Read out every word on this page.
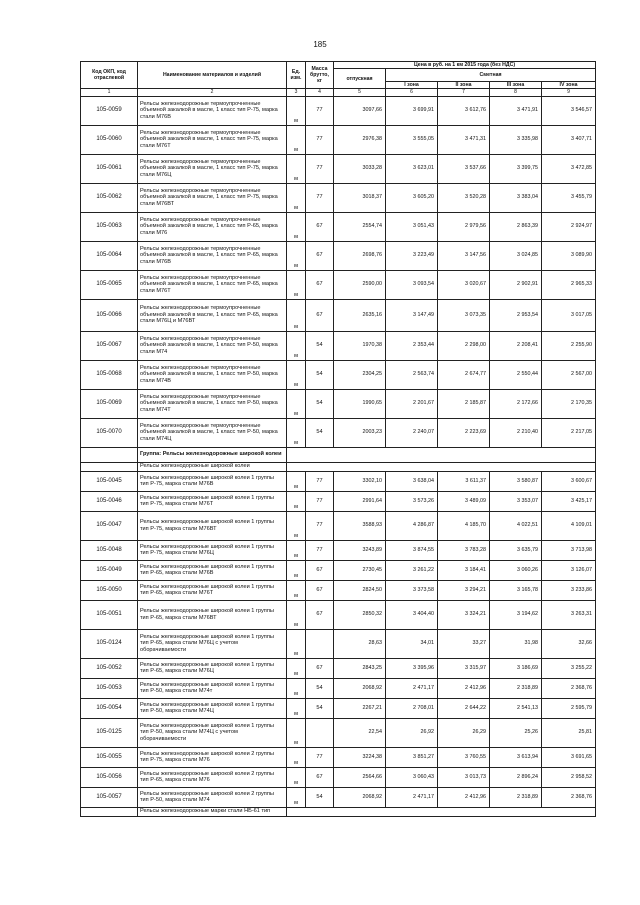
185
Код ОКП, код отраслевой	Наименование материалов и изделий	Ед. изм.	Масса брутто, кг	Цена в руб. на 1 км 2015 года (без НДС)				
				отпускная	Сметная			
					I зона	II зона	III зона	IV зона
1	2	3	4	5	6	7	8	9
105-0059	Рельсы железнодорожные термоупрочненные объемной закалкой в масле, 1 класс тип Р-75, марка стали М76В	м	77	3097,66	3 699,91	3 612,76	3 471,91	3 546,57
105-0060	Рельсы железнодорожные термоупрочненные объемной закалкой в масле, 1 класс тип Р-75, марка стали М76Т	м	77	2976,38	3 555,05	3 471,31	3 335,98	3 407,71
105-0061	Рельсы железнодорожные термоупрочненные объемной закалкой в масле, 1 класс тип Р-75, марка стали М76Ц	м	77	3033,28	3 623,01	3 537,66	3 399,75	3 472,85
105-0062	Рельсы железнодорожные термоупрочненные объемной закалкой в масле, 1 класс тип Р-75, марка стали М76ВТ	м	77	3018,37	3 605,20	3 520,28	3 383,04	3 455,79
105-0063	Рельсы железнодорожные термоупрочненные объемной закалкой в масле, 1 класс тип Р-65, марка стали М76	м	67	2554,74	3 051,43	2 979,56	2 863,39	2 924,97
105-0064	Рельсы железнодорожные термоупрочненные объемной закалкой в масле, 1 класс тип Р-65, марка стали М76В	м	67	2698,76	3 223,49	3 147,56	3 024,85	3 089,90
105-0065	Рельсы железнодорожные термоупрочненные объемной закалкой в масле, 1 класс тип Р-65, марка стали М76Т	м	67	2590,00	3 093,54	3 020,67	2 902,91	2 965,33
105-0066	Рельсы железнодорожные термоупрочненные объемной закалкой в масле, 1 класс тип Р-65, марка стали М76Ц и М76ВТ	м	67	2635,16	3 147,49	3 073,35	2 953,54	3 017,05
105-0067	Рельсы железнодорожные термоупрочненные объемной закалкой в масле, 1 класс тип Р-50, марка стали М74	м	54	1970,38	2 353,44	2 298,00	2 208,41	2 255,90
105-0068	Рельсы железнодорожные термоупрочненные объемной закалкой в масле, 1 класс тип Р-50, марка стали М74В	м	54	2304,25	2 563,74	2 674,77	2 550,44	2 567,00
105-0069	Рельсы железнодорожные термоупрочненные объемной закалкой в масле, 1 класс тип Р-50, марка стали М74Т	м	54	1990,65	2 201,67	2 185,87	2 172,66	2 170,35
105-0070	Рельсы железнодорожные термоупрочненные объемной закалкой в масле, 1 класс тип Р-50, марка стали М74Ц	м	54	2003,23	2 240,07	2 223,69	2 210,40	2 217,05
	Группа: Рельсы железнодорожные широкой колеи							
	Рельсы железнодорожные широкой колеи							
105-0045	Рельсы железнодорожные широкой колеи 1 группы тип Р-75, марка стали М76В	м	77	3302,10	3 638,04	3 611,37	3 580,87	3 600,67
105-0046	Рельсы железнодорожные широкой колеи 1 группы тип Р-75, марка стали М76Т	м	77	2991,64	3 573,26	3 489,09	3 353,07	3 425,17
105-0047	Рельсы железнодорожные широкой колеи 1 группы тип Р-75, марка стали М76ВТ	м	77	3588,93	4 286,87	4 185,70	4 022,51	4 109,01
105-0048	Рельсы железнодорожные широкой колеи 1 группы тип Р-75, марка стали М76Ц	м	77	3243,89	3 874,55	3 783,28	3 635,79	3 713,98
105-0049	Рельсы железнодорожные широкой колеи 1 группы тип Р-65, марка стали М76В	м	67	2730,45	3 261,22	3 184,41	3 060,26	3 126,07
105-0050	Рельсы железнодорожные широкой колеи 1 группы тип Р-65, марка стали М76Т	м	67	2824,50	3 373,58	3 294,21	3 165,78	3 233,86
105-0051	Рельсы железнодорожные широкой колеи 1 группы тип Р-65, марка стали М76ВТ	м	67	2850,32	3 404,40	3 324,21	3 194,62	3 263,31
105-0124	Рельсы железнодорожные широкой колеи 1 группы тип Р-65, марка стали М76Ц с учетом оборачиваемости	м		28,63	34,01	33,27	31,98	32,66
105-0052	Рельсы железнодорожные широкой колеи 1 группы тип Р-65, марка стали М76Ц	м	67	2843,25	3 395,96	3 315,97	3 186,69	3 255,22
105-0053	Рельсы железнодорожные широкой колеи 1 группы тип Р-50, марка стали М74т	м	54	2068,92	2 471,17	2 412,96	2 318,89	2 368,76
105-0054	Рельсы железнодорожные широкой колеи 1 группы тип Р-50, марка стали М74Ц	м	54	2267,21	2 708,01	2 644,22	2 541,13	2 595,79
105-0125	Рельсы железнодорожные широкой колеи 1 группы тип Р-50, марка стали М74Ц с учетом оборачиваемости	м		22,54	26,92	26,29	25,26	25,81
105-0055	Рельсы железнодорожные широкой колеи 2 группы тип Р-75, марка стали М76	м	77	3224,38	3 851,27	3 760,55	3 613,94	3 691,65
105-0056	Рельсы железнодорожные широкой колеи 2 группы тип Р-65, марка стали М76	м	67	2564,66	3 060,43	3 013,73	2 896,24	2 958,52
105-0057	Рельсы железнодорожные широкой колеи 2 группы тип Р-50, марка стали М74	м	54	2068,92	2 471,17	2 412,96	2 318,89	2 368,76
	Рельсы железнодорожные марки стали НБ-61 тип							
